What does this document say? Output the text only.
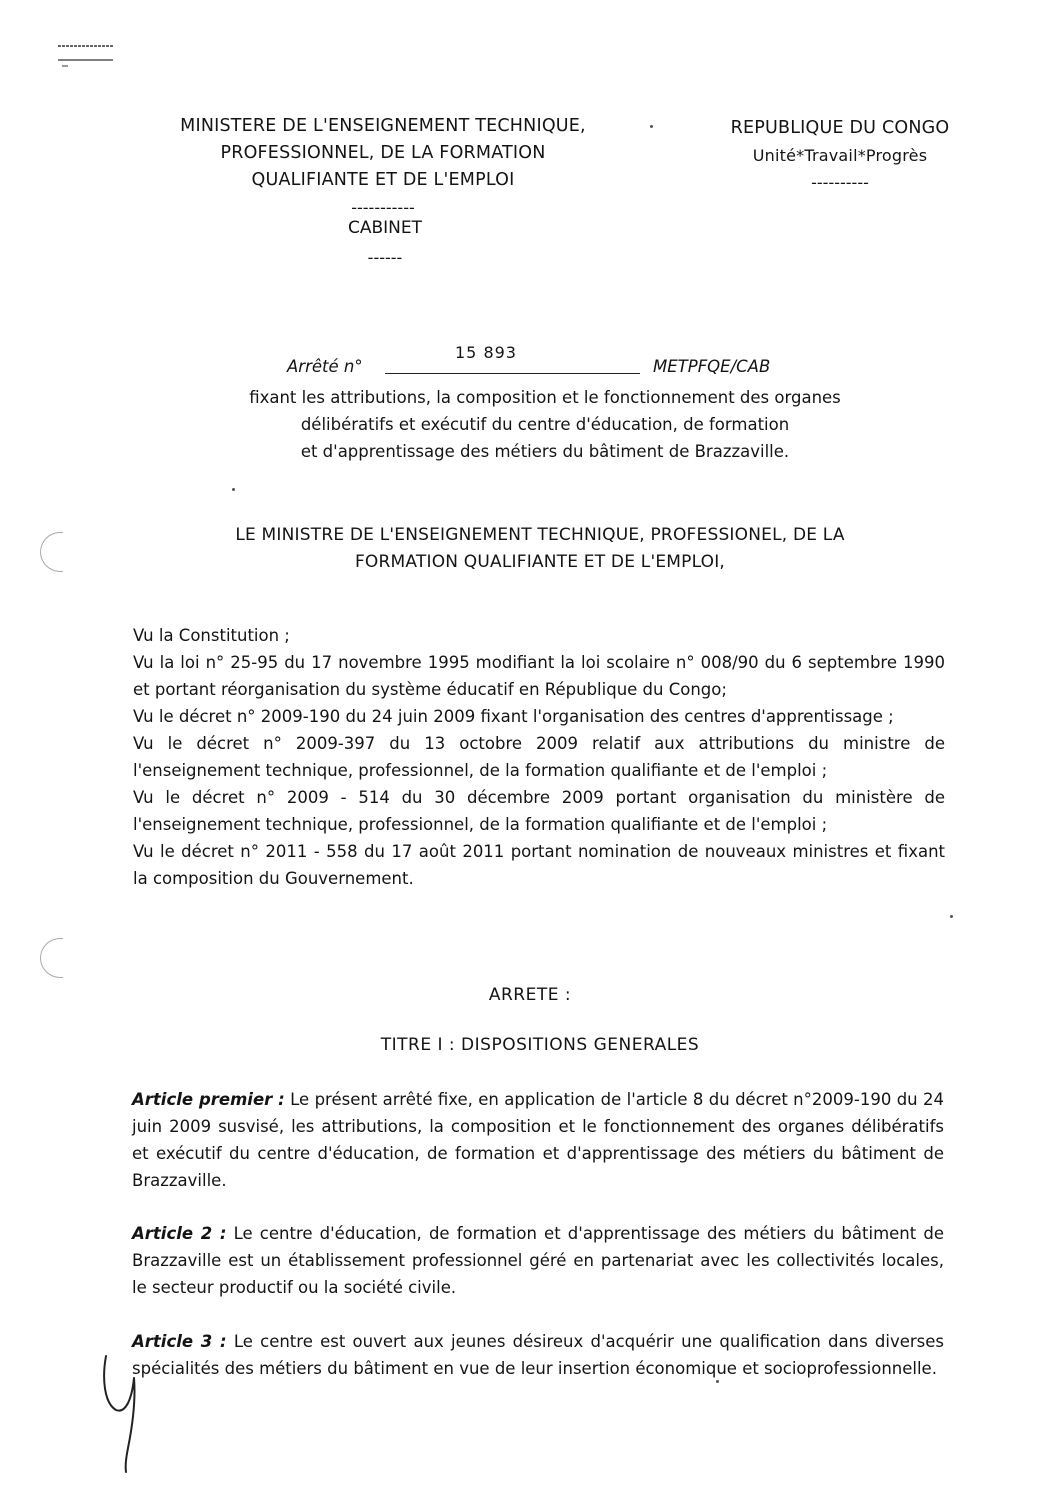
MINISTERE DE L'ENSEIGNEMENT TECHNIQUE,
PROFESSIONNEL, DE LA FORMATION
QUALIFIANTE ET DE L'EMPLOI
-----------
CABINET
------
REPUBLIQUE DU CONGO
Unité*Travail*Progrès
----------
Arrêté n°
15 893
METPFQE/CAB
fixant les attributions, la composition et le fonctionnement des organes
délibératifs et exécutif du centre d'éducation, de formation
et d'apprentissage des métiers du bâtiment de Brazzaville.
LE MINISTRE DE L'ENSEIGNEMENT TECHNIQUE, PROFESSIONEL, DE LA
FORMATION QUALIFIANTE ET DE L'EMPLOI,

Vu la Constitution ;

Vu la loi n° 25-95 du 17 novembre 1995 modifiant la loi scolaire n° 008/90 du 6 septembre 1990 et portant réorganisation du système éducatif en République du Congo;

Vu le décret n° 2009-190 du 24 juin 2009 fixant l'organisation des centres d'apprentissage ;

Vu le décret n° 2009-397 du 13 octobre 2009 relatif aux attributions du ministre de l'enseignement technique, professionnel, de la formation qualifiante et de l'emploi ;

Vu le décret n° 2009 - 514 du 30 décembre 2009 portant organisation du ministère de l'enseignement technique, professionnel, de la formation qualifiante et de l'emploi ;

Vu le décret n° 2011 - 558 du 17 août 2011 portant nomination de nouveaux ministres et fixant la composition du Gouvernement.

ARRETE :
TITRE I : DISPOSITIONS GENERALES

Article premier : Le présent arrêté fixe, en application de l'article 8 du décret n°2009-190 du 24 juin 2009 susvisé, les attributions, la composition et le fonctionnement des organes délibératifs et exécutif du centre d'éducation, de formation et d'apprentissage des métiers du bâtiment de Brazzaville.

Article 2 : Le centre d'éducation, de formation et d'apprentissage des métiers du bâtiment de Brazzaville est un établissement professionnel géré en partenariat avec les collectivités locales, le secteur productif ou la société civile.

Article 3 : Le centre est ouvert aux jeunes désireux d'acquérir une qualification dans diverses spécialités des métiers du bâtiment en vue de leur insertion économique et socioprofessionnelle.
